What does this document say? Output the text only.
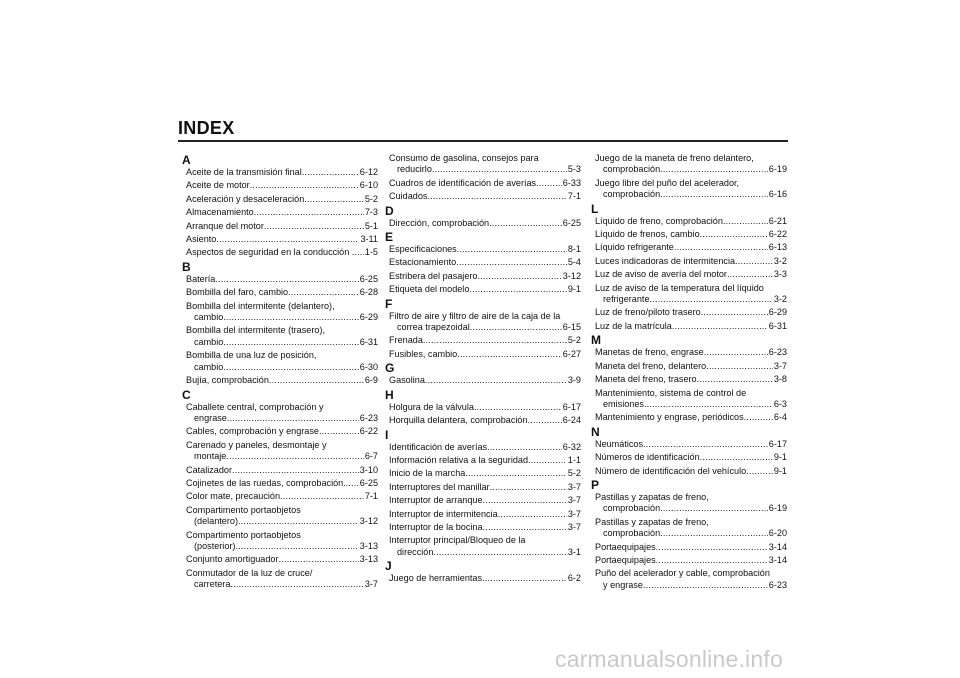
INDEX
A
Aceite de la transmisión final .....	6-12
Aceite de motor .....	6-10
Aceleración y desaceleración .....	5-2
Almacenamiento .....	7-3
Arranque del motor .....	5-1
Asiento .....	3-11
Aspectos de seguridad en la conducción . ..... 1-5
B
Batería .....	6-25
Bombilla del faro, cambio .....	6-28
Bombilla del intermitente (delantero),
cambio .....	6-29
Bombilla del intermitente (trasero),
cambio .....	6-31
Bombilla de una luz de posición,
cambio .....	6-30
Bujía, comprobación .....	6-9
C
Caballete central, comprobación y
engrase .....	6-23
Cables, comprobación y engrase .....	6-22
Carenado y paneles, desmontaje y
montaje .....	6-7
Catalizador .....	3-10
Cojinetes de las ruedas, comprobación.. ..... 6-25
Color mate, precaución .....	7-1
Compartimento portaobjetos
(delantero) .....	3-12
Compartimento portaobjetos
(posterior) .....	3-13
Conjunto amortiguador .....	3-13
Conmutador de la luz de cruce/
carretera .....	3-7
Consumo de gasolina, consejos para
reducirlo .....	5-3
Cuadros de identificación de averías .....	6-33
Cuidados .....	7-1
D
Dirección, comprobación .....	6-25
E
Especificaciones .....	8-1
Estacionamiento .....	5-4
Estribera del pasajero .....	3-12
Etiqueta del modelo .....	9-1
F
Filtro de aire y filtro de aire de la caja de la
correa trapezoidal .....	6-15
Frenada .....	5-2
Fusibles, cambio .....	6-27
G
Gasolina .....	3-9
H
Holgura de la válvula .....	6-17
Horquilla delantera, comprobación .....	6-24
I
Identificación de averías .....	6-32
Información relativa a la seguridad .....	1-1
Inicio de la marcha .....	5-2
Interruptores del manillar .....	3-7
Interruptor de arranque .....	3-7
Interruptor de intermitencia .....	3-7
Interruptor de la bocina .....	3-7
Interruptor principal/Bloqueo de la
dirección .....	3-1
J
Juego de herramientas .....	6-2
Juego de la maneta de freno delantero,
comprobación .....	6-19
Juego libre del puño del acelerador,
comprobación .....	6-16
L
Líquido de freno, comprobación .....	6-21
Líquido de frenos, cambio .....	6-22
Líquido refrigerante .....	6-13
Luces indicadoras de intermitencia .....	3-2
Luz de aviso de avería del motor .....	3-3
Luz de aviso de la temperatura del líquido
refrigerante .....	3-2
Luz de freno/piloto trasero .....	6-29
Luz de la matrícula .....	6-31
M
Manetas de freno, engrase .....	6-23
Maneta del freno, delantero .....	3-7
Maneta del freno, trasero .....	3-8
Mantenimiento, sistema de control de
emisiones .....	6-3
Mantenimiento y engrase, periódicos .....	6-4
N
Neumáticos .....	6-17
Números de identificación .....	9-1
Número de identificación del vehículo .....	9-1
P
Pastillas y zapatas de freno,
comprobación .....	6-19
Pastillas y zapatas de freno,
comprobación .....	6-20
Portaequipajes .....	3-14
Portaequipajes .....	3-14
Puño del acelerador y cable, comprobación
y engrase .....	6-23
carmanualsonline.info
